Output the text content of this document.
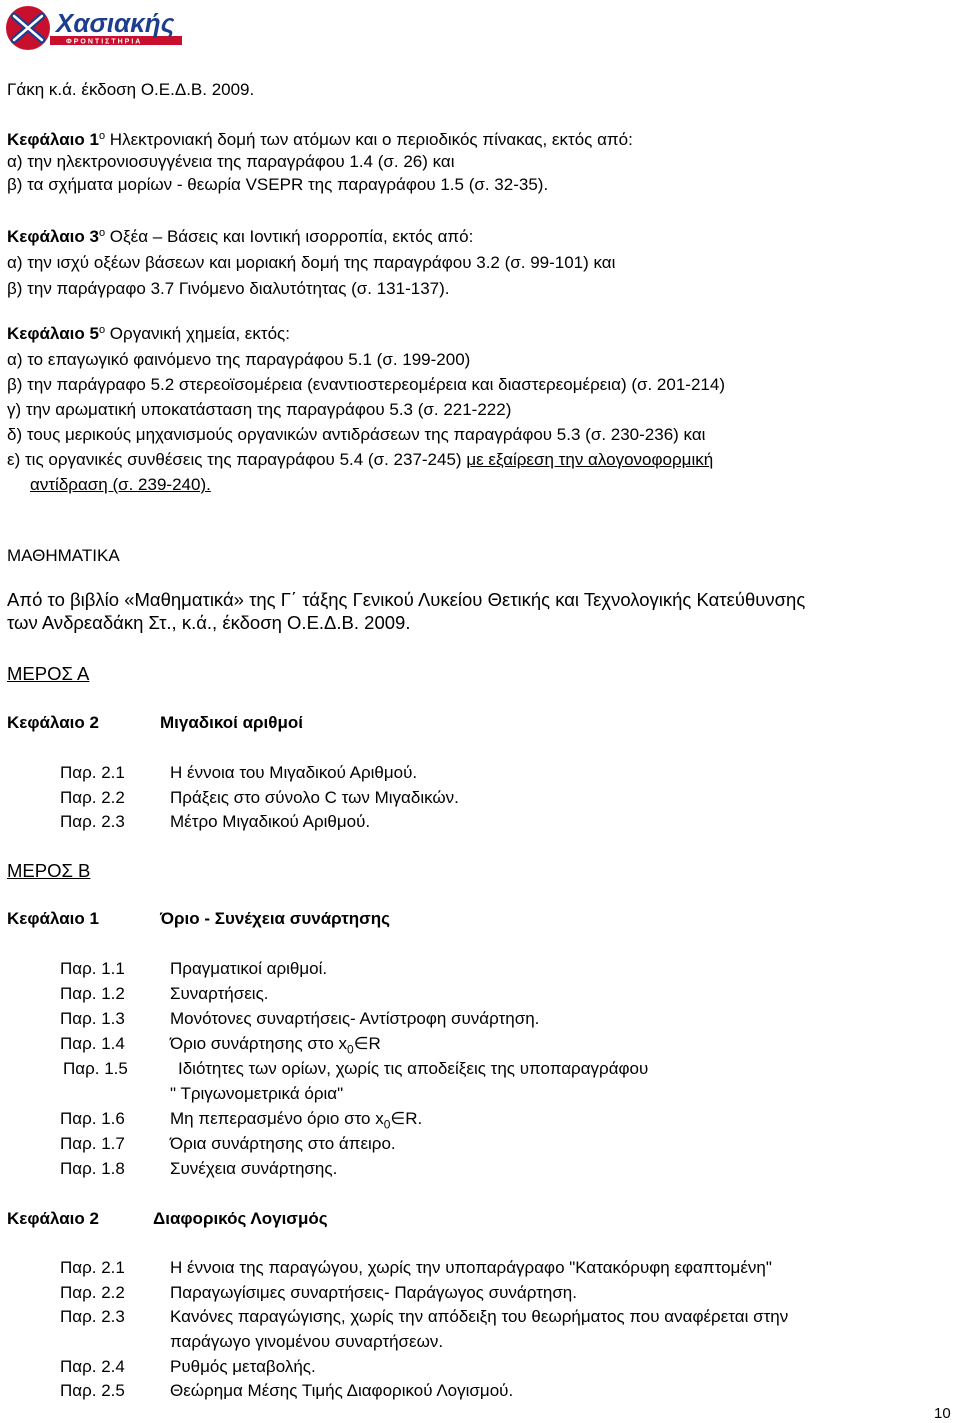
Χασιακής
ΦΡΟΝΤΙΣΤΗΡΙΑ
Γάκη κ.ά. έκδοση Ο.Ε.Δ.Β. 2009.
Κεφάλαιο $1^o$ Ηλεκτρονιακή δομή των ατόμων και ο περιοδικός πίνακας, εκτός από:
α) την ηλεκτρονιοσυγγένεια της παραγράφου 1.4 (σ. 26) και
β) τα σχήματα μορίων - θεωρία VSEPR της παραγράφου 1.5 (σ. 32-35).
Κεφάλαιο $3^o$ Οξέα – Βάσεις και Ιοντική ισορροπία, εκτός από:
α) την ισχύ οξέων βάσεων και μοριακή δομή της παραγράφου 3.2 (σ. 99-101) και
β) την παράγραφο 3.7 Γινόμενο διαλυτότητας (σ. 131-137).
Κεφάλαιο $5^o$ Οργανική χημεία, εκτός:
α) το επαγωγικό φαινόμενο της παραγράφου 5.1 (σ. 199-200)
β) την παράγραφο 5.2 στερεοϊσομέρεια (εναντιοστερεομέρεια και διαστερεομέρεια) (σ. 201-214)
γ) την αρωματική υποκατάσταση της παραγράφου 5.3 (σ. 221-222)
δ) τους μερικούς μηχανισμούς οργανικών αντιδράσεων της παραγράφου 5.3 (σ. 230-236) και
ε) τις οργανικές συνθέσεις της παραγράφου 5.4 (σ. 237-245) με εξαίρεση την αλογονοφορμική
αντίδραση (σ. 239-240).
ΜΑΘΗΜΑΤΙΚΑ
Από το βιβλίο «Μαθηματικά» της Γ΄ τάξης Γενικού Λυκείου Θετικής και Τεχνολογικής Κατεύθυνσης
των Ανδρεαδάκη Στ., κ.ά., έκδοση Ο.Ε.Δ.Β. 2009.
ΜΕΡΟΣ Α
Κεφάλαιο 2	Μιγαδικοί αριθμοί
Παρ. 2.1	Η έννοια του Μιγαδικού Αριθμού.
Παρ. 2.2	Πράξεις στο σύνολο C των Μιγαδικών.
Παρ. 2.3	Μέτρο Μιγαδικού Αριθμού.
ΜΕΡΟΣ Β
Κεφάλαιο 1	Όριο - Συνέχεια συνάρτησης
Παρ. 1.1	Πραγματικοί αριθμοί.
Παρ. 1.2	Συναρτήσεις.
Παρ. 1.3	Μονότονες συναρτήσεις- Αντίστροφη συνάρτηση.
Παρ. 1.4	Όριο συνάρτησης στο $x_0\in R$
Παρ. 1.5	Ιδιότητες των ορίων, χωρίς τις αποδείξεις της υποπαραγράφου
" Τριγωνομετρικά όρια"
Παρ. 1.6	Μη πεπερασμένο όριο στο $x_0\in R$.
Παρ. 1.7	Όρια συνάρτησης στο άπειρο.
Παρ. 1.8	Συνέχεια συνάρτησης.
Κεφάλαιο 2	Διαφορικός Λογισμός
Παρ. 2.1	Η έννοια της παραγώγου, χωρίς την υποπαράγραφο "Κατακόρυφη εφαπτομένη"
Παρ. 2.2	Παραγωγίσιμες συναρτήσεις- Παράγωγος συνάρτηση.
Παρ. 2.3	Κανόνες παραγώγισης, χωρίς την απόδειξη του θεωρήματος που αναφέρεται στην
παράγωγο γινομένου συναρτήσεων.
Παρ. 2.4	Ρυθμός μεταβολής.
Παρ. 2.5	Θεώρημα Μέσης Τιμής Διαφορικού Λογισμού.
10
